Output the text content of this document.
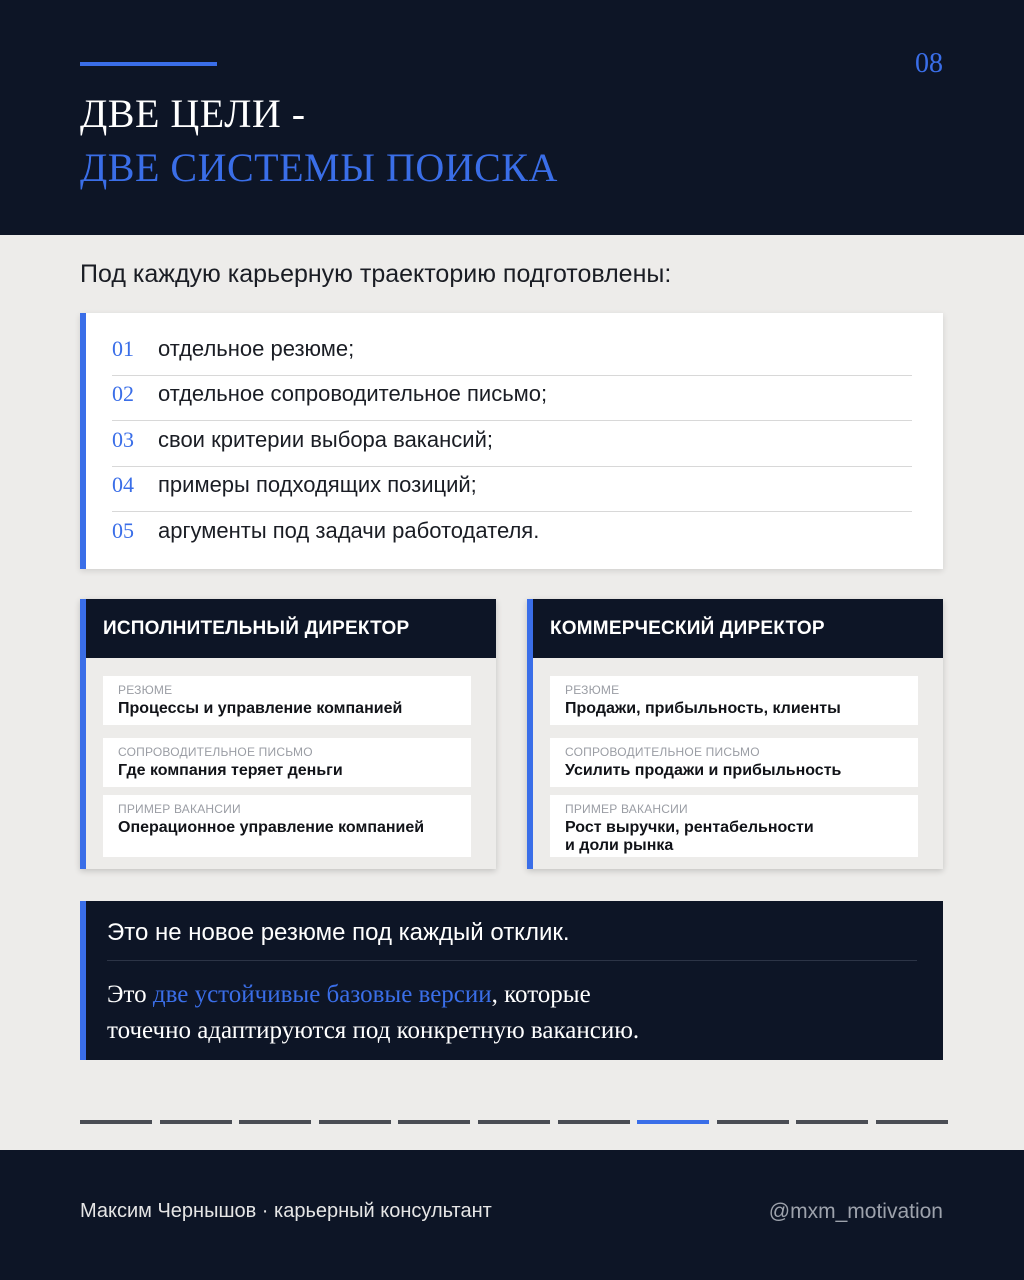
08
ДВЕ ЦЕЛИ -
ДВЕ СИСТЕМЫ ПОИСКА
Под каждую карьерную траекторию подготовлены:
01	отдельное резюме;
02	отдельное сопроводительное письмо;
03	свои критерии выбора вакансий;
04	примеры подходящих позиций;
05	аргументы под задачи работодателя.
ИСПОЛНИТЕЛЬНЫЙ ДИРЕКТОР
РЕЗЮМЕ
Процессы и управление компанией
СОПРОВОДИТЕЛЬНОЕ ПИСЬМО
Где компания теряет деньги
ПРИМЕР ВАКАНСИИ
Операционное управление компанией
КОММЕРЧЕСКИЙ ДИРЕКТОР
РЕЗЮМЕ
Продажи, прибыльность, клиенты
СОПРОВОДИТЕЛЬНОЕ ПИСЬМО
Усилить продажи и прибыльность
ПРИМЕР ВАКАНСИИ
Рост выручки, рентабельности
и доли рынка
Это не новое резюме под каждый отклик.
Это две устойчивые базовые версии, которые
точечно адаптируются под конкретную вакансию.
Максим Чернышов · карьерный консультант	@mxm_motivation
